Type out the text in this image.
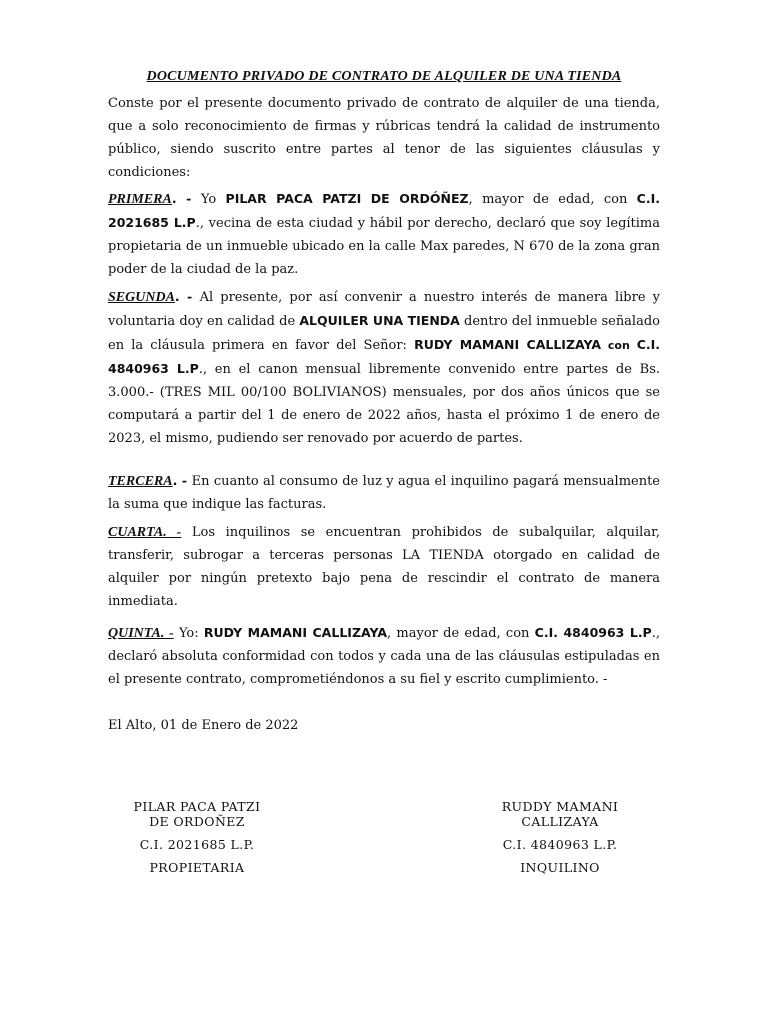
DOCUMENTO PRIVADO DE CONTRATO DE ALQUILER DE UNA TIENDA

Conste por el presente documento privado de contrato de alquiler de una tienda, que a solo reconocimiento de firmas y rúbricas tendrá la calidad de instrumento público, siendo suscrito entre partes al tenor de las siguientes cláusulas y condiciones:

PRIMERA. - Yo PILAR PACA PATZI DE ORDÓÑEZ, mayor de edad, con C.I. 2021685 L.P., vecina de esta ciudad y hábil por derecho, declaró que soy legítima propietaria de un inmueble ubicado en la calle Max paredes, N 670 de la zona gran poder de la ciudad de la paz.

SEGUNDA. - Al presente, por así convenir a nuestro interés de manera libre y voluntaria doy en calidad de ALQUILER UNA TIENDA dentro del inmueble señalado en la cláusula primera en favor del Señor: RUDY MAMANI CALLIZAYA con C.I. 4840963 L.P., en el canon mensual libremente convenido entre partes de Bs. 3.000.- (TRES MIL 00/100 BOLIVIANOS) mensuales, por dos años únicos que se computará a partir del 1 de enero de 2022 años, hasta el próximo 1 de enero de 2023, el mismo, pudiendo ser renovado por acuerdo de partes.

TERCERA. - En cuanto al consumo de luz y agua el inquilino pagará mensualmente la suma que indique las facturas.

CUARTA. - Los inquilinos se encuentran prohibidos de subalquilar, alquilar, transferir, subrogar a terceras personas LA TIENDA otorgado en calidad de alquiler por ningún pretexto bajo pena de rescindir el contrato de manera inmediata.

QUINTA. - Yo: RUDY MAMANI CALLIZAYA, mayor de edad, con C.I. 4840963 L.P., declaró absoluta conformidad con todos y cada una de las cláusulas estipuladas en el presente contrato, comprometiéndonos a su fiel y escrito cumplimiento. -

El Alto, 01 de Enero de 2022

PILAR PACA PATZI
DE ORDOÑEZ
C.I. 2021685 L.P.
PROPIETARIA
RUDDY MAMANI
CALLIZAYA
C.I. 4840963 L.P.
INQUILINO
